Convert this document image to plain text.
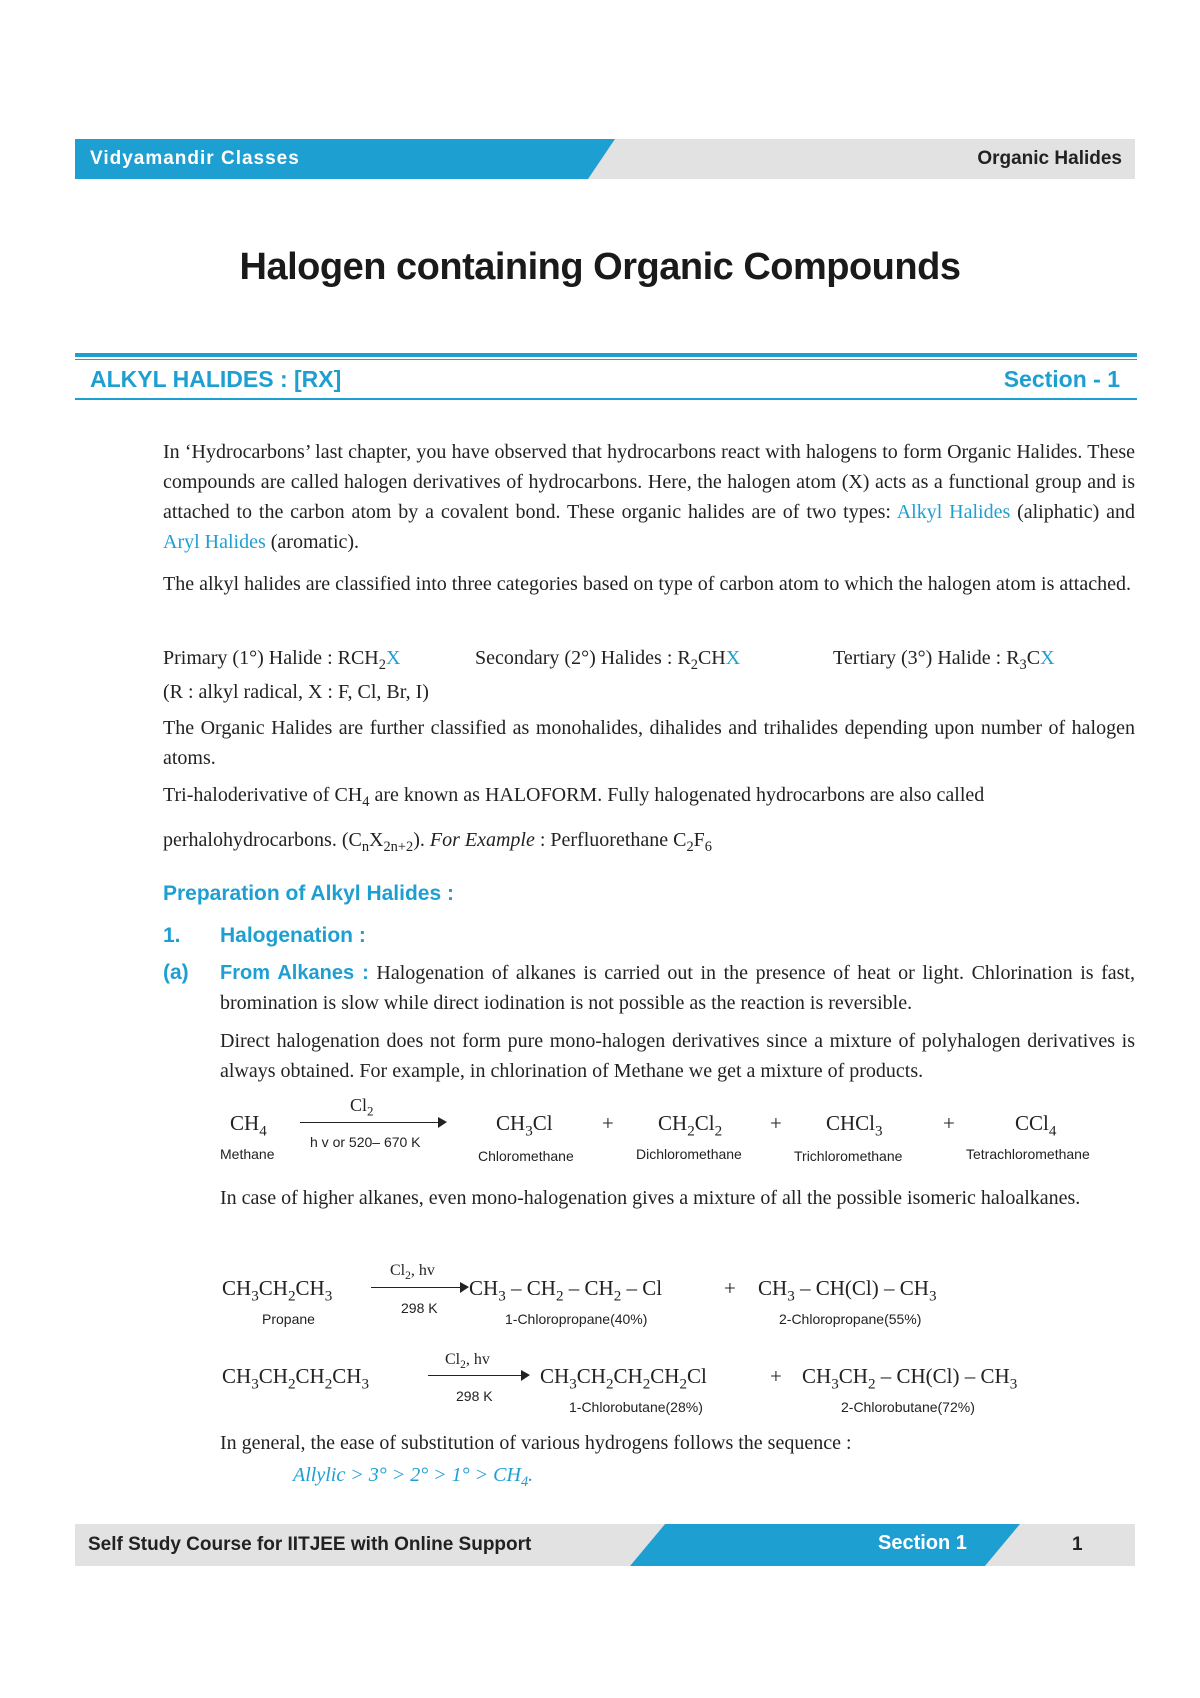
Vidyamandir Classes	Organic Halides
Halogen containing Organic Compounds
ALKYL HALIDES : [RX]	Section - 1
In ‘Hydrocarbons’ last chapter, you have observed that hydrocarbons react with halogens to form Organic Halides. These compounds are called halogen derivatives of hydrocarbons. Here, the halogen atom (X) acts as a functional group and is attached to the carbon atom by a covalent bond. These organic halides are of two types: Alkyl Halides (aliphatic) and Aryl Halides (aromatic).
The alkyl halides are classified into three categories based on type of carbon atom to which the halogen atom is attached.
Primary (1°) Halide : $RCH_2X$	Secondary (2°) Halides : $R_2CHX$	Tertiary (3°) Halide : $R_3CX$
(R : alkyl radical, X : F, Cl, Br, I)
The Organic Halides are further classified as monohalides, dihalides and trihalides depending upon number of halogen atoms.
Tri-haloderivative of $CH_4$ are known as HALOFORM. Fully halogenated hydrocarbons are also called
perhalohydrocarbons. $(C_nX_{2n+2})$. For Example : Perfluorethane $C_2F_6$
Preparation of Alkyl Halides :
1. Halogenation :
(a) From Alkanes : Halogenation of alkanes is carried out in the presence of heat or light. Chlorination is fast, bromination is slow while direct iodination is not possible as the reaction is reversible.
Direct halogenation does not form pure mono-halogen derivatives since a mixture of polyhalogen derivatives is always obtained. For example, in chlorination of Methane we get a mixture of products.
$CH_4$
$Cl_2$
h v or 520– 670 K
$CH_3Cl + CH_2Cl_2$ + CHCl$_3$	+	CCl$_4$
Methane	Chloromethane	Dichloromethane	Trichloromethane	Tetrachloromethane
In case of higher alkanes, even mono-halogenation gives a mixture of all the possible isomeric haloalkanes.
$CH_3CH_2CH_3$
$Cl_2$, hv
298 K
$CH_3 - CH_2 - CH_2$ – Cl	+ $CH_3 - CH(Cl) - CH_3$
Propane	1-Chloropropane(40%)	2-Chloropropane(55%)
$CH_3CH_2CH_2CH_3$
$Cl_2$, hv
298 K
$CH_3CH_2CH_2CH_2Cl$	+ $CH_3CH_2 - CH(Cl) - CH_3$
1-Chlorobutane(28%)	2-Chlorobutane(72%)
In general, the ease of substitution of various hydrogens follows the sequence :
Allylic > $3^\circ > 2^\circ > 1^\circ > CH_4$.
Self Study Course for IITJEE with Online Support	Section 1	1
